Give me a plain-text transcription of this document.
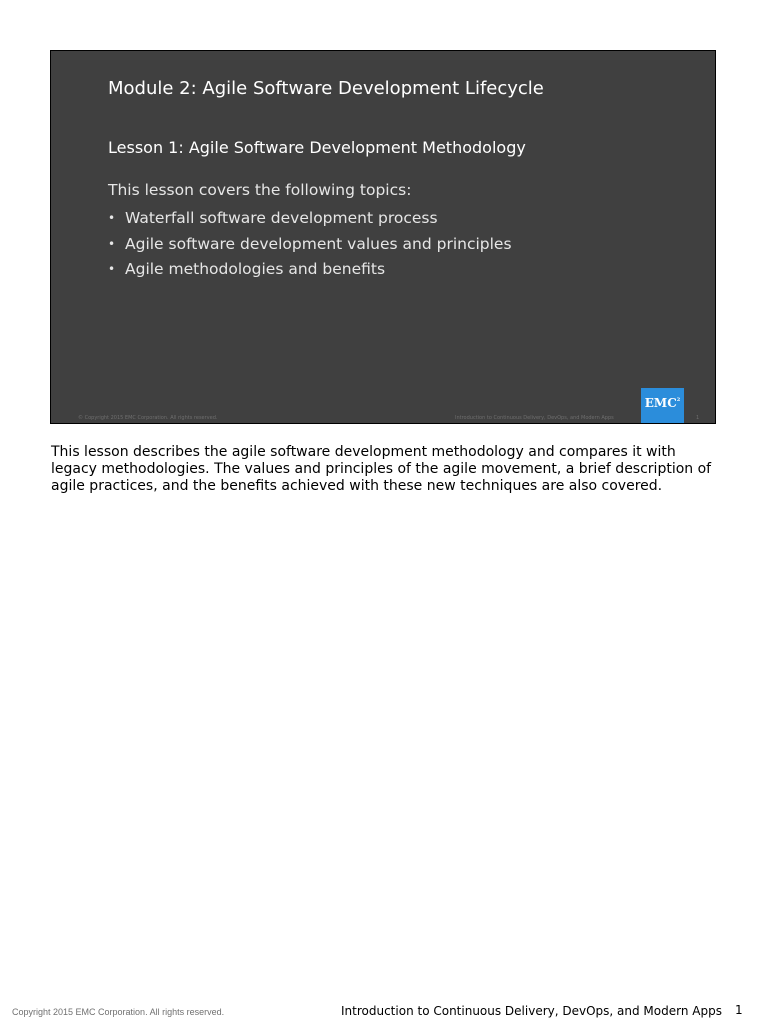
Module 2: Agile Software Development Lifecycle
Lesson 1: Agile Software Development Methodology
This lesson covers the following topics:
• Waterfall software development process
• Agile software development values and principles
• Agile methodologies and benefits
EMC$^2$
© Copyright 2015 EMC Corporation. All rights reserved.	Introduction to Continuous Delivery, DevOps, and Modern Apps	1

This lesson describes the agile software development methodology and compares it with legacy methodologies. The values and principles of the agile movement, a brief description of agile practices, and the benefits achieved with these new techniques are also covered.

Copyright 2015 EMC Corporation. All rights reserved.	Introduction to Continuous Delivery, DevOps, and Modern Apps 1
